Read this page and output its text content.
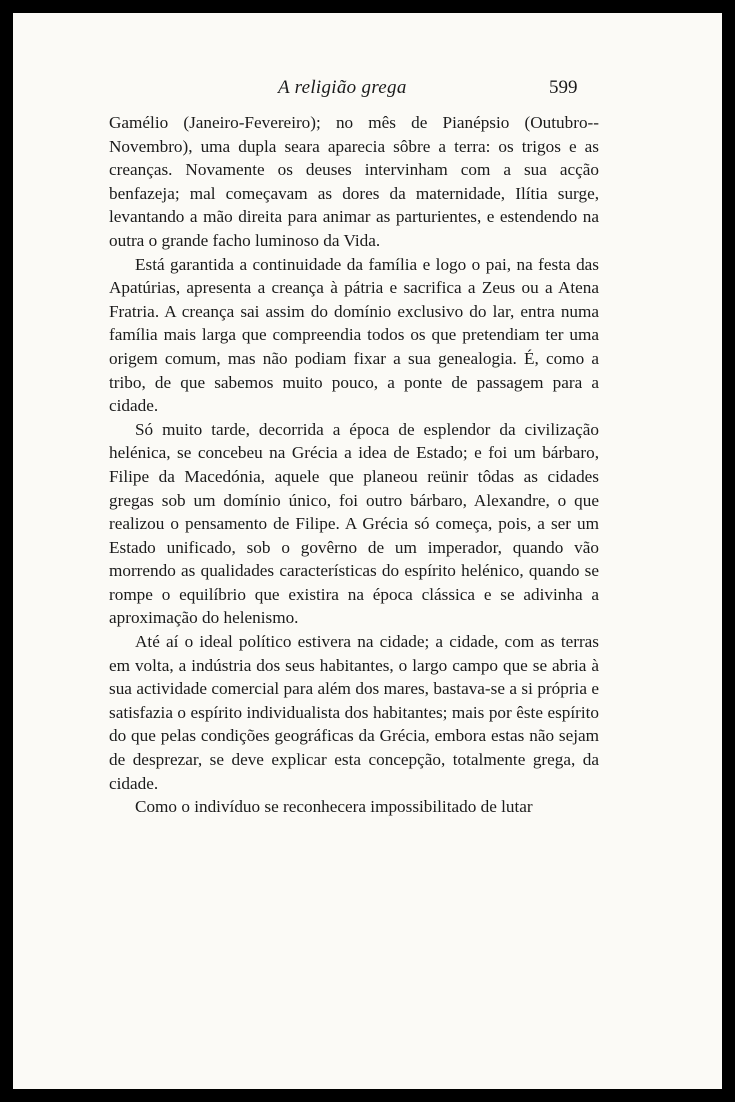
A religião grega	599

Gamélio (Janeiro-Fevereiro); no mês de Pianépsio (Outubro--Novembro), uma dupla seara aparecia sôbre a terra: os trigos e as creanças. Novamente os deuses intervinham com a sua acção benfazeja; mal começavam as dores da maternidade, Ilítia surge, levantando a mão direita para animar as parturientes, e estendendo na outra o grande facho luminoso da Vida.

Está garantida a continuidade da família e logo o pai, na festa das Apatúrias, apresenta a creança à pátria e sacrifica a Zeus ou a Atena Fratria. A creança sai assim do domínio exclusivo do lar, entra numa família mais larga que compreendia todos os que pretendiam ter uma origem comum, mas não podiam fixar a sua genealogia. É, como a tribo, de que sabemos muito pouco, a ponte de passagem para a cidade.

Só muito tarde, decorrida a época de esplendor da civilização helénica, se concebeu na Grécia a idea de Estado; e foi um bárbaro, Filipe da Macedónia, aquele que planeou reünir tôdas as cidades gregas sob um domínio único, foi outro bárbaro, Alexandre, o que realizou o pensamento de Filipe. A Grécia só começa, pois, a ser um Estado unificado, sob o govêrno de um imperador, quando vão morrendo as qualidades características do espírito helénico, quando se rompe o equilíbrio que existira na época clássica e se adivinha a aproximação do helenismo.

Até aí o ideal político estivera na cidade; a cidade, com as terras em volta, a indústria dos seus habitantes, o largo campo que se abria à sua actividade comercial para além dos mares, bastava-se a si própria e satisfazia o espírito individualista dos habitantes; mais por êste espírito do que pelas condições geográficas da Grécia, embora estas não sejam de desprezar, se deve explicar esta concepção, totalmente grega, da cidade.

Como o indivíduo se reconhecera impossibilitado de lutar
